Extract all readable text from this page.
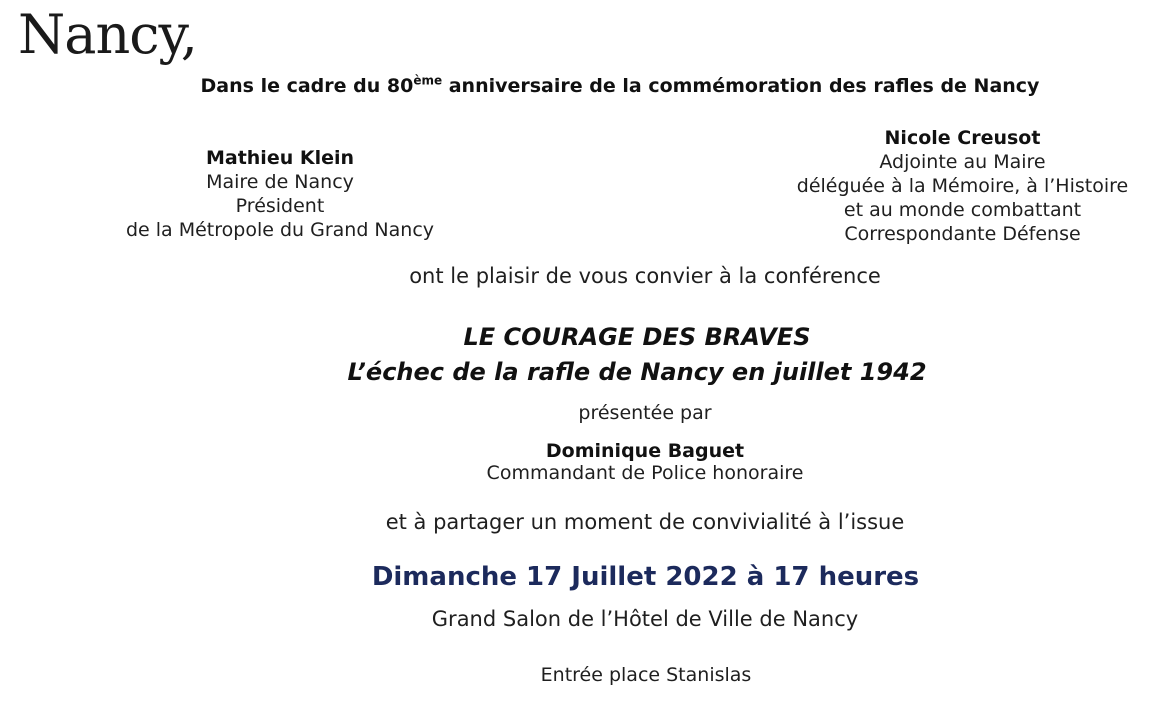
Nancy,
Dans le cadre du 80ème anniversaire de la commémoration des rafles de Nancy
Mathieu Klein
Maire de Nancy
Président
de la Métropole du Grand Nancy
Nicole Creusot
Adjointe au Maire
déléguée à la Mémoire, à l’Histoire
et au monde combattant
Correspondante Défense
ont le plaisir de vous convier à la conférence
LE COURAGE DES BRAVES
L’échec de la rafle de Nancy en juillet 1942
présentée par
Dominique Baguet
Commandant de Police honoraire
et à partager un moment de convivialité à l’issue
Dimanche 17 Juillet 2022 à 17 heures
Grand Salon de l’Hôtel de Ville de Nancy
Entrée place Stanislas
